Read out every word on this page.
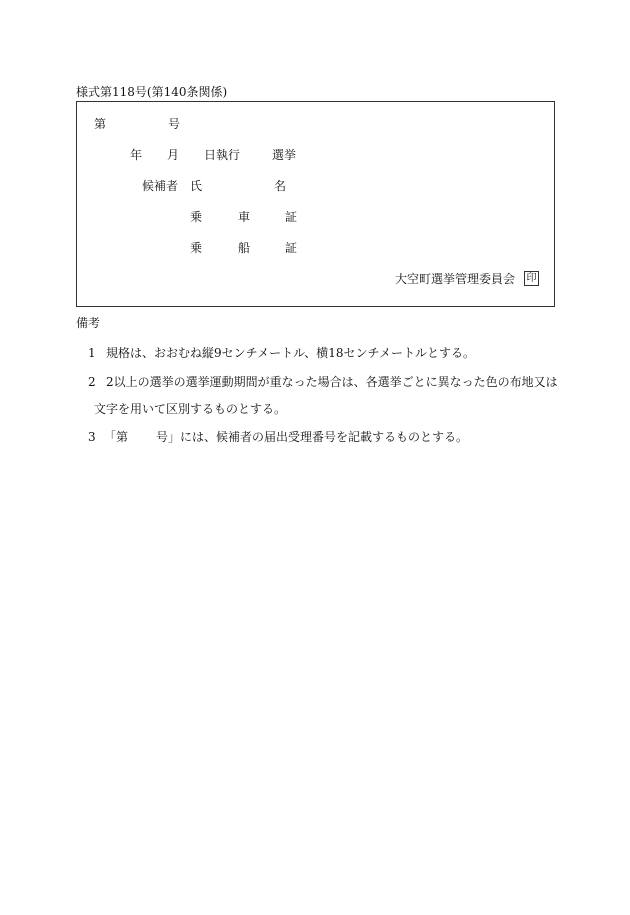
様式第118号(第140条関係)
第	号
年 月 日執行	選挙
候補者 氏	名
乗	車	証
乗	船	証
大空町選挙管理委員会 印
備考
1 規格は、おおむね縦9センチメートル、横18センチメートルとする。
2 2以上の選挙の選挙運動期間が重なった場合は、各選挙ごとに異なった色の布地又は
文字を用いて区別するものとする。
3 「第 号」には、候補者の届出受理番号を記載するものとする。
